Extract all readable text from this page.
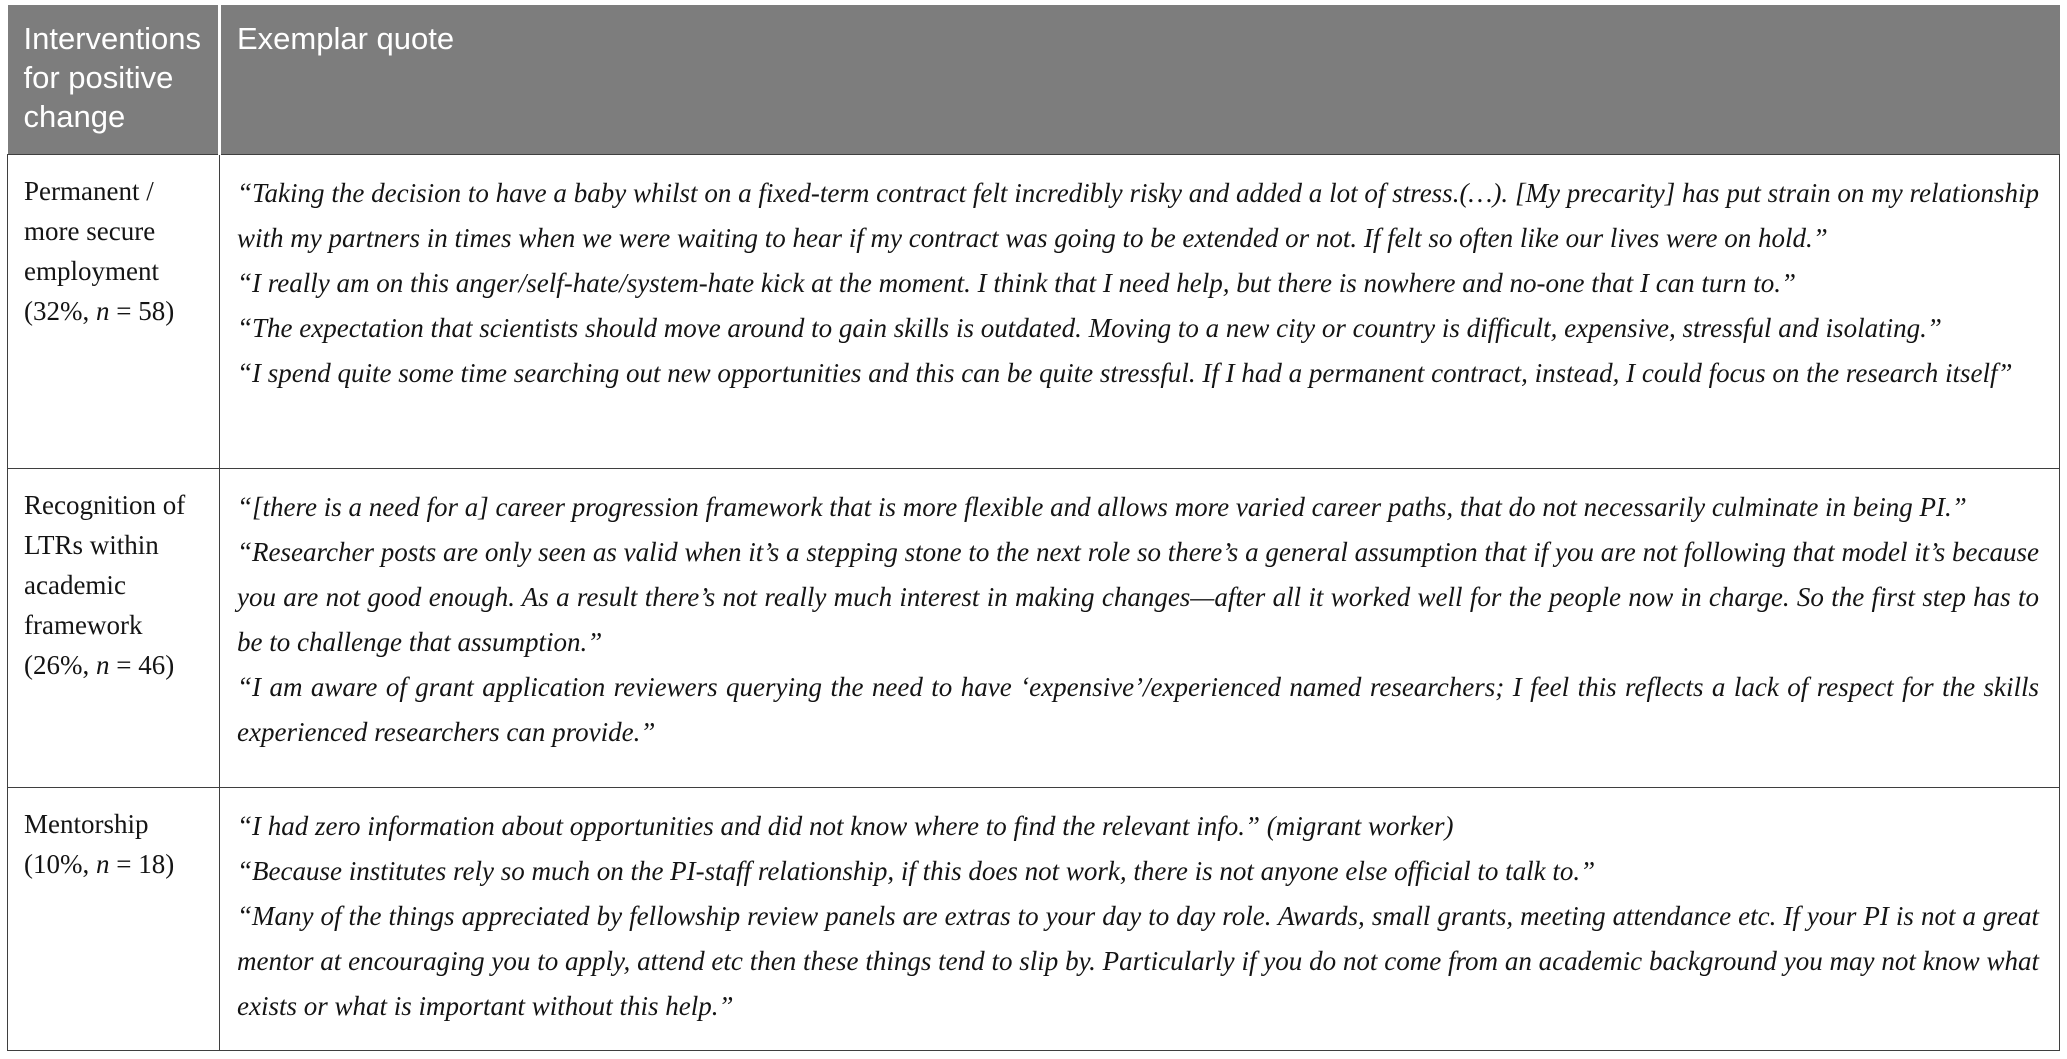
Interventions for positive change	Exemplar quote
Permanent / more secure employment (32%, n = 58)	“Taking the decision to have a baby whilst on a fixed-term contract felt incredibly risky and added a lot of stress.(…). [My precarity] has put strain on my relationship with my partners in times when we were waiting to hear if my contract was going to be extended or not. If felt so often like our lives were on hold.”

“I really am on this anger/self-hate/system-hate kick at the moment. I think that I need help, but there is nowhere and no-one that I can turn to.”

“The expectation that scientists should move around to gain skills is outdated. Moving to a new city or country is difficult, expensive, stressful and isolating.”

“I spend quite some time searching out new opportunities and this can be quite stressful. If I had a permanent contract, instead, I could focus on the research itself”

Recognition of LTRs within academic framework (26%, n = 46)	“[there is a need for a] career progression framework that is more flexible and allows more varied career paths, that do not necessarily culminate in being PI.”

“Researcher posts are only seen as valid when it’s a stepping stone to the next role so there’s a general assumption that if you are not following that model it’s because you are not good enough. As a result there’s not really much interest in making changes—after all it worked well for the people now in charge. So the first step has to be to challenge that assumption.”

“I am aware of grant application reviewers querying the need to have ‘expensive’/experienced named researchers; I feel this reflects a lack of respect for the skills experienced researchers can provide.”

Mentorship (10%, n = 18)	“I had zero information about opportunities and did not know where to find the relevant info.” (migrant worker)

“Because institutes rely so much on the PI-staff relationship, if this does not work, there is not anyone else official to talk to.”

“Many of the things appreciated by fellowship review panels are extras to your day to day role. Awards, small grants, meeting attendance etc. If your PI is not a great mentor at encouraging you to apply, attend etc then these things tend to slip by. Particularly if you do not come from an academic background you may not know what exists or what is important without this help.”
